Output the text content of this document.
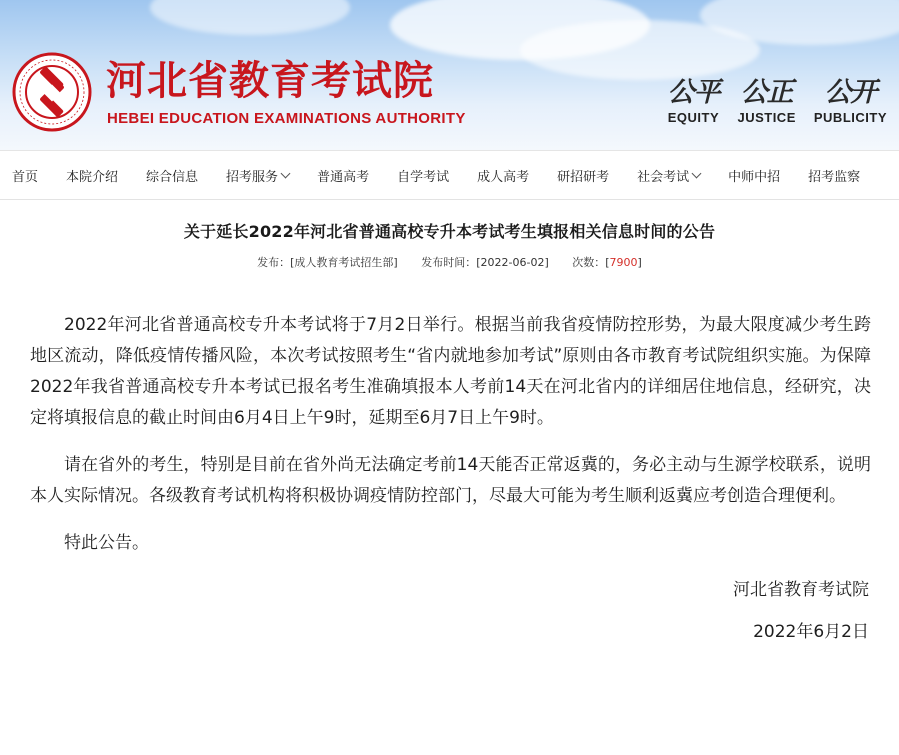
河北省教育考试院
HEBEI EDUCATION EXAMINATIONS AUTHORITY
公平
EQUITY
公正
JUSTICE
公开
PUBLICITY
首页 本院介绍 综合信息 招考服务	普通高考 自学考试 成人高考 研招研考 社会考试	中师中招 招考监察
关于延长2022年河北省普通高校专升本考试考生填报相关信息时间的公告
发布：[成人教育考试招生部] 发布时间：[2022-06-02] 次数：[7900]

2022年河北省普通高校专升本考试将于7月2日举行。根据当前我省疫情防控形势，为最大限度减少考生跨地区流动，降低疫情传播风险，本次考试按照考生“省内就地参加考试”原则由各市教育考试院组织实施。为保障2022年我省普通高校专升本考试已报名考生准确填报本人考前14天在河北省内的详细居住地信息，经研究，决定将填报信息的截止时间由6月4日上午9时，延期至6月7日上午9时。

请在省外的考生，特别是目前在省外尚无法确定考前14天能否正常返冀的，务必主动与生源学校联系，说明本人实际情况。各级教育考试机构将积极协调疫情防控部门，尽最大可能为考生顺利返冀应考创造合理便利。

特此公告。

河北省教育考试院
2022年6月2日
